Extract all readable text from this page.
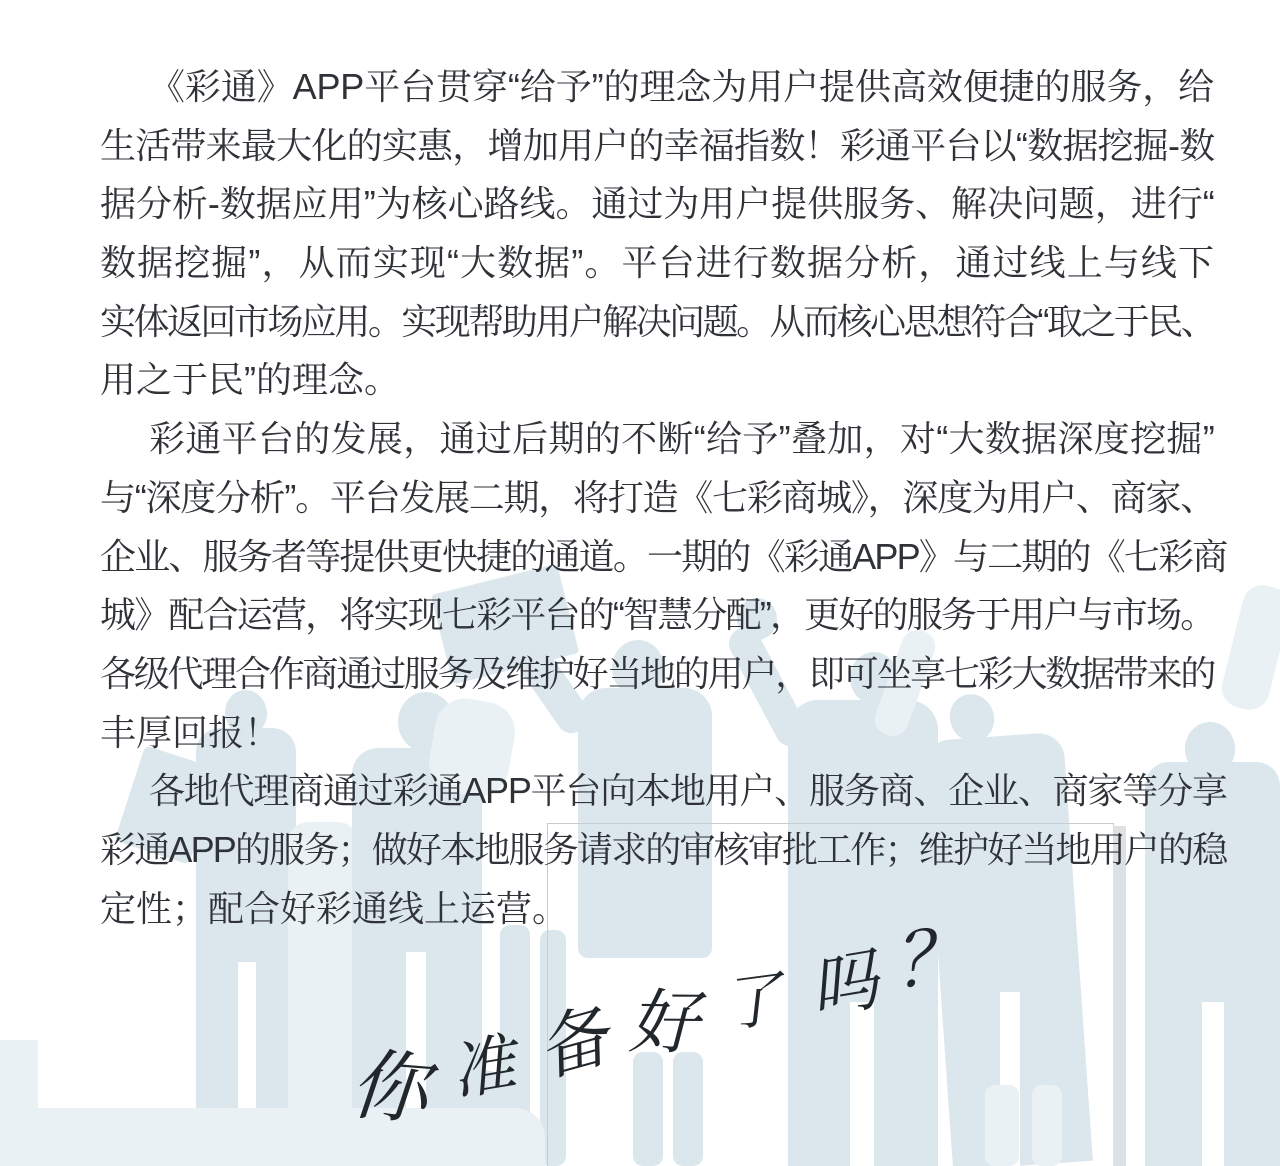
《彩通》APP平台贯穿“给予”的理念为用户提供高效便捷的服务，给
生活带来最大化的实惠，增加用户的幸福指数！彩通平台以“数据挖掘-数
据分析-数据应用”为核心路线。通过为用户提供服务、解决问题，进行“
数据挖掘”，从而实现“大数据”。平台进行数据分析，通过线上与线下
实体返回市场应用。实现帮助用户解决问题。从而核心思想符合“取之于民、
用之于民”的理念。
彩通平台的发展，通过后期的不断“给予”叠加，对“大数据深度挖掘”
与“深度分析”。平台发展二期，将打造《七彩商城》，深度为用户、商家、
企业、服务者等提供更快捷的通道。一期的《彩通APP》与二期的《七彩商
城》配合运营，将实现七彩平台的“智慧分配”，更好的服务于用户与市场。
各级代理合作商通过服务及维护好当地的用户，即可坐享七彩大数据带来的
丰厚回报！
各地代理商通过彩通APP平台向本地用户、服务商、企业、商家等分享
彩通APP的服务；做好本地服务请求的审核审批工作；维护好当地用户的稳
定性；配合好彩通线上运营。
你 准 备 好 了 吗？
